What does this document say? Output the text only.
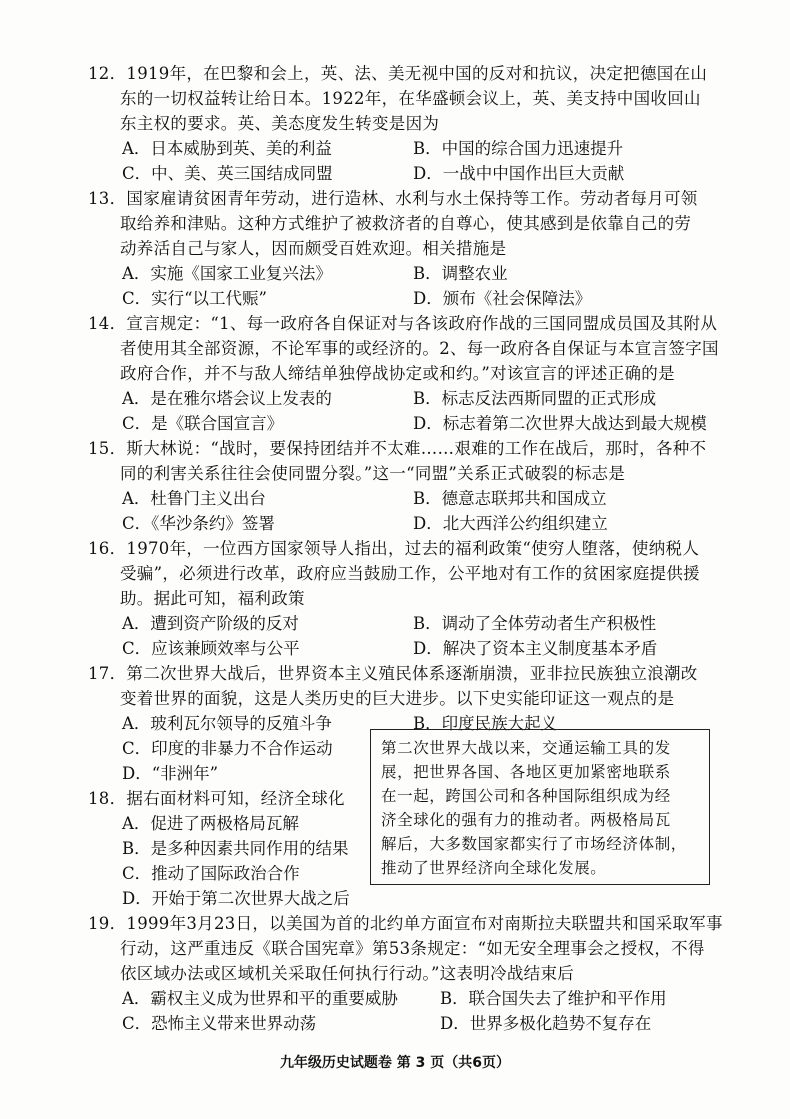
12．1919年，在巴黎和会上，英、法、美无视中国的反对和抗议，决定把德国在山
东的一切权益转让给日本。1922年，在华盛顿会议上，英、美支持中国收回山
东主权的要求。英、美态度发生转变是因为
A．日本威胁到英、美的利益	B．中国的综合国力迅速提升
C．中、美、英三国结成同盟	D．一战中中国作出巨大贡献
13．国家雇请贫困青年劳动，进行造林、水利与水土保持等工作。劳动者每月可领
取给养和津贴。这种方式维护了被救济者的自尊心，使其感到是依靠自己的劳
动养活自己与家人，因而颇受百姓欢迎。相关措施是
A．实施《国家工业复兴法》	B．调整农业
C．实行“以工代赈”	D．颁布《社会保障法》
14．宣言规定：“1、每一政府各自保证对与各该政府作战的三国同盟成员国及其附从
者使用其全部资源，不论军事的或经济的。2、每一政府各自保证与本宣言签字国
政府合作，并不与敌人缔结单独停战协定或和约。”对该宣言的评述正确的是
A．是在雅尔塔会议上发表的	B．标志反法西斯同盟的正式形成
C．是《联合国宣言》	D．标志着第二次世界大战达到最大规模
15．斯大林说：“战时，要保持团结并不太难……艰难的工作在战后，那时，各种不
同的利害关系往往会使同盟分裂。”这一“同盟”关系正式破裂的标志是
A．杜鲁门主义出台	B．德意志联邦共和国成立
C．《华沙条约》签署	D．北大西洋公约组织建立
16．1970年，一位西方国家领导人指出，过去的福利政策“使穷人堕落，使纳税人
受骗”，必须进行改革，政府应当鼓励工作，公平地对有工作的贫困家庭提供援
助。据此可知，福利政策
A．遭到资产阶级的反对	B．调动了全体劳动者生产积极性
C．应该兼顾效率与公平	D．解决了资本主义制度基本矛盾
17．第二次世界大战后，世界资本主义殖民体系逐渐崩溃，亚非拉民族独立浪潮改
变着世界的面貌，这是人类历史的巨大进步。以下史实能印证这一观点的是
A．玻利瓦尔领导的反殖斗争	B．印度民族大起义
C．印度的非暴力不合作运动
D．“非洲年”
18．据右面材料可知，经济全球化
A．促进了两极格局瓦解
B．是多种因素共同作用的结果
C．推动了国际政治合作
D．开始于第二次世界大战之后
第二次世界大战以来，交通运输工具的发
展，把世界各国、各地区更加紧密地联系
在一起，跨国公司和各种国际组织成为经
济全球化的强有力的推动者。两极格局瓦
解后，大多数国家都实行了市场经济体制，
推动了世界经济向全球化发展。
19．1999年3月23日，以美国为首的北约单方面宣布对南斯拉夫联盟共和国采取军事
行动，这严重违反《联合国宪章》第53条规定：“如无安全理事会之授权，不得
依区域办法或区域机关采取任何执行行动。”这表明冷战结束后
A．霸权主义成为世界和平的重要威胁	B．联合国失去了维护和平作用
C．恐怖主义带来世界动荡	D．世界多极化趋势不复存在
九年级历史试题卷 第 3 页（共6页）
